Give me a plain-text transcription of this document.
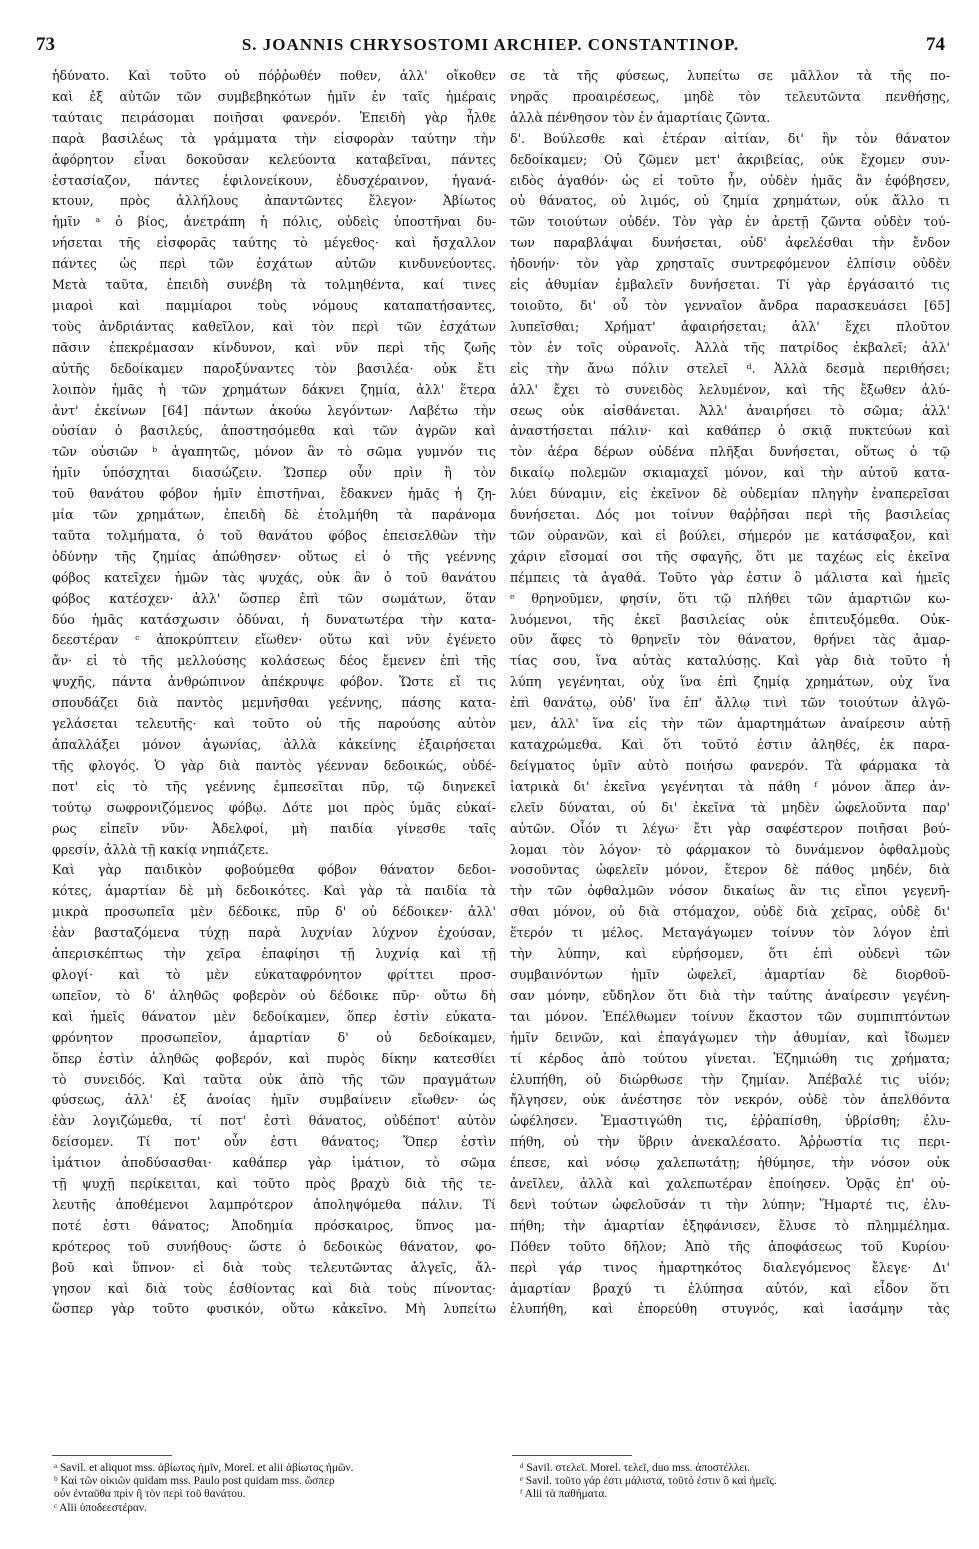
73	S. JOANNIS CHRYSOSTOMI ARCHIEP. CONSTANTINOP.	74
ἡδύνατο. Καὶ τοῦτο οὐ πόῤῥωθέν ποθεν, ἀλλ' οἴκοθεν
καὶ ἐξ αὐτῶν τῶν συμβεβηκότων ἡμῖν ἐν ταῖς ἡμέραις
ταύταις πειράσομαι ποιῆσαι φανερόν. Ἐπειδὴ γὰρ ἦλθε
παρὰ βασιλέως τὰ γράμματα τὴν εἰσφορὰν ταύτην τὴν
ἀφόρητον εἶναι δοκοῦσαν κελεύοντα καταβεῖναι, πάντες
ἐστασίαζον, πάντες ἐφιλονείκουν, ἐδυσχέραινον, ἠγανά-
κτουν, πρὸς ἀλλήλους ἀπαντῶντες ἔλεγον· Ἀβίωτος
ἡμῖν ᵃ ὁ βίος, ἀνετράπη ἡ πόλις, οὐδεὶς ὑποστῆναι δυ-
νήσεται τῆς εἰσφορᾶς ταύτης τὸ μέγεθος· καὶ ἤσχαλλον
πάντες ὡς περὶ τῶν ἐσχάτων αὐτῶν κινδυνεύοντες.
Μετὰ ταῦτα, ἐπειδὴ συνέβη τὰ τολμηθέντα, καί τινες
μιαροὶ καὶ παμμίαροι τοὺς νόμους καταπατήσαντες,
τοὺς ἀνδριάντας καθεῖλον, καὶ τὸν περὶ τῶν ἐσχάτων
πᾶσιν ἐπεκρέμασαν κίνδυνον, καὶ νῦν περὶ τῆς ζωῆς
αὐτῆς δεδοίκαμεν παροξύναντες τὸν βασιλέα· οὐκ ἔτι
λοιπὸν ἡμᾶς ἡ τῶν χρημάτων δάκνει ζημία, ἀλλ' ἕτερα
ἀντ' ἐκείνων [64] πάντων ἀκούω λεγόντων· Λαβέτω τὴν
οὐσίαν ὁ βασιλεύς, ἀποστησόμεθα καὶ τῶν ἀγρῶν καὶ
τῶν οὐσιῶν ᵇ ἀγαπητῶς, μόνον ἂν τὸ σῶμα γυμνόν τις
ἡμῖν ὑπόσχηται διασώζειν. Ὥσπερ οὖν πρὶν ἢ τὸν
τοῦ θανάτου φόβον ἡμῖν ἐπιστῆναι, ἔδακνεν ἡμᾶς ἡ ζη-
μία τῶν χρημάτων, ἐπειδὴ δὲ ἐτολμήθη τὰ παράνομα
ταῦτα τολμήματα, ὁ τοῦ θανάτου φόβος ἐπεισελθὼν τὴν
ὀδύνην τῆς ζημίας ἀπώθησεν· οὕτως εἰ ὁ τῆς γεέννης
φόβος κατεῖχεν ἡμῶν τὰς ψυχάς, οὐκ ἂν ὁ τοῦ θανάτου
φόβος κατέσχεν· ἀλλ' ὥσπερ ἐπὶ τῶν σωμάτων, ὅταν
δύο ἡμᾶς κατάσχωσιν ὀδύναι, ἡ δυνατωτέρα τὴν κατα-
δεεστέραν ᶜ ἀποκρύπτειν εἴωθεν· οὕτω καὶ νῦν ἐγένετο
ἄν· εἰ τὸ τῆς μελλούσης κολάσεως δέος ἔμενεν ἐπὶ τῆς
ψυχῆς, πάντα ἀνθρώπινον ἀπέκρυψε φόβον. Ὥστε εἴ τις
σπουδάζει διὰ παντὸς μεμνῆσθαι γεέννης, πάσης κατα-
γελάσεται τελευτῆς· καὶ τοῦτο οὐ τῆς παρούσης αὐτὸν
ἀπαλλάξει μόνον ἀγωνίας, ἀλλὰ κἀκείνης ἐξαιρήσεται
τῆς φλογός. Ὁ γὰρ διὰ παντὸς γέενναν δεδοικώς, οὐδέ-
ποτ' εἰς τὸ τῆς γεέννης ἐμπεσεῖται πῦρ, τῷ διηνεκεῖ
τούτῳ σωφρονιζόμενος φόβῳ. Δότε μοι πρὸς ὑμᾶς εὐκαί-
ρως εἰπεῖν νῦν· Ἀδελφοί, μὴ παιδία γίνεσθε ταῖς
φρεσίν, ἀλλὰ τῇ κακίᾳ νηπιάζετε.
Καὶ γὰρ παιδικὸν φοβούμεθα φόβον θάνατον δεδοι-
κότες, ἁμαρτίαν δὲ μὴ δεδοικότες. Καὶ γὰρ τὰ παιδία τὰ
μικρὰ προσωπεῖα μὲν δέδοικε, πῦρ δ' οὐ δέδοικεν· ἀλλ'
ἐὰν βασταζόμενα τύχῃ παρὰ λυχνίαν λύχνον ἐχούσαν,
ἀπερισκέπτως τὴν χεῖρα ἐπαφίησι τῇ λυχνίᾳ καὶ τῇ
φλογί· καὶ τὸ μὲν εὐκαταφρόνητον φρίττει προσ-
ωπεῖον, τὸ δ' ἀληθῶς φοβερὸν οὐ δέδοικε πῦρ· οὕτω δὴ
καὶ ἡμεῖς θάνατον μὲν δεδοίκαμεν, ὅπερ ἐστὶν εὐκατα-
φρόνητον προσωπεῖον, ἁμαρτίαν δ' οὐ δεδοίκαμεν,
ὅπερ ἐστὶν ἀληθῶς φοβερόν, καὶ πυρὸς δίκην κατεσθίει
τὸ συνειδός. Καὶ ταῦτα οὐκ ἀπὸ τῆς τῶν πραγμάτων
φύσεως, ἀλλ' ἐξ ἀνοίας ἡμῖν συμβαίνειν εἴωθεν· ὡς
ἐὰν λογιζώμεθα, τί ποτ' ἐστὶ θάνατος, οὐδέποτ' αὐτὸν
δείσομεν. Τί ποτ' οὖν ἐστι θάνατος; Ὅπερ ἐστὶν
ἱμάτιον ἀποδύσασθαι· καθάπερ γὰρ ἱμάτιον, τὸ σῶμα
τῇ ψυχῇ περίκειται, καὶ τοῦτο πρὸς βραχὺ διὰ τῆς τε-
λευτῆς ἀποθέμενοι λαμπρότερον ἀποληψόμεθα πάλιν. Τί
ποτέ ἐστι θάνατος; Ἀποδημία πρόσκαιρος, ὕπνος μα-
κρότερος τοῦ συνήθους· ὥστε ὁ δεδοικὼς θάνατον, φο-
βοῦ καὶ ὕπνον· εἰ διὰ τοὺς τελευτῶντας ἀλγεῖς, ἄλ-
γησον καὶ διὰ τοὺς ἐσθίοντας καὶ διὰ τοὺς πίνοντας·
ὥσπερ γὰρ τοῦτο φυσικόν, οὕτω κἀκεῖνο. Μὴ λυπείτω
σε τὰ τῆς φύσεως, λυπείτω σε μᾶλλον τὰ τῆς πο-
νηρᾶς προαιρέσεως, μηδὲ τὸν τελευτῶντα πενθήσῃς,
ἀλλὰ πένθησον τὸν ἐν ἁμαρτίαις ζῶντα.
δ'. Βούλεσθε καὶ ἑτέραν αἰτίαν, δι' ἣν τὸν θάνατον
δεδοίκαμεν; Οὐ ζῶμεν μετ' ἀκριβείας, οὐκ ἔχομεν συν-
ειδὸς ἀγαθόν· ὡς εἰ τοῦτο ἦν, οὐδὲν ἡμᾶς ἂν ἐφόβησεν,
οὐ θάνατος, οὐ λιμός, οὐ ζημία χρημάτων, οὐκ ἄλλο τι
τῶν τοιούτων οὐδέν. Τὸν γὰρ ἐν ἀρετῇ ζῶντα οὐδὲν τού-
των παραβλάψαι δυνήσεται, οὐδ' ἀφελέσθαι τὴν ἔνδον
ἡδονήν· τὸν γὰρ χρησταῖς συντρεφόμενον ἐλπίσιν οὐδὲν
εἰς ἀθυμίαν ἐμβαλεῖν δυνήσεται. Τί γὰρ ἐργάσαιτό τις
τοιοῦτο, δι' οὗ τὸν γενναῖον ἄνδρα παρασκευάσει [65]
λυπεῖσθαι; Χρήματ' ἀφαιρήσεται; ἀλλ' ἔχει πλοῦτον
τὸν ἐν τοῖς οὐρανοῖς. Ἀλλὰ τῆς πατρίδος ἐκβαλεῖ; ἀλλ'
εἰς τὴν ἄνω πόλιν στελεῖ ᵈ. Ἀλλὰ δεσμὰ περιθήσει;
ἀλλ' ἔχει τὸ συνειδὸς λελυμένον, καὶ τῆς ἔξωθεν ἁλύ-
σεως οὐκ αἰσθάνεται. Ἀλλ' ἀναιρήσει τὸ σῶμα; ἀλλ'
ἀναστήσεται πάλιν· καὶ καθάπερ ὁ σκιᾷ πυκτεύων καὶ
τὸν ἀέρα δέρων οὐδένα πλῆξαι δυνήσεται, οὕτως ὁ τῷ
δικαίῳ πολεμῶν σκιαμαχεῖ μόνον, καὶ τὴν αὐτοῦ κατα-
λύει δύναμιν, εἰς ἐκεῖνον δὲ οὐδεμίαν πληγὴν ἐναπερεῖσαι
δυνήσεται. Δός μοι τοίνυν θαῤῥῆσαι περὶ τῆς βασιλείας
τῶν οὐρανῶν, καὶ εἰ βούλει, σήμερόν με κατάσφαξον, καὶ
χάριν εἴσομαί σοι τῆς σφαγῆς, ὅτι με ταχέως εἰς ἐκεῖνα
πέμπεις τὰ ἀγαθά. Τοῦτο γὰρ ἐστιν ὃ μάλιστα καὶ ἡμεῖς
ᵉ θρηνοῦμεν, φησίν, ὅτι τῷ πλήθει τῶν ἁμαρτιῶν κω-
λυόμενοι, τῆς ἐκεῖ βασιλείας οὐκ ἐπιτευξόμεθα. Οὐκ-
οῦν ἄφες τὸ θρηνεῖν τὸν θάνατον, θρήνει τὰς ἁμαρ-
τίας σου, ἵνα αὐτὰς καταλύσῃς. Καὶ γὰρ διὰ τοῦτο ἡ
λύπη γεγένηται, οὐχ ἵνα ἐπὶ ζημίᾳ χρημάτων, οὐχ ἵνα
ἐπὶ θανάτῳ, οὐδ' ἵνα ἐπ' ἄλλῳ τινὶ τῶν τοιούτων ἀλγῶ-
μεν, ἀλλ' ἵνα εἰς τὴν τῶν ἁμαρτημάτων ἀναίρεσιν αὐτῇ
καταχρώμεθα. Καὶ ὅτι τοῦτό ἐστιν ἀληθές, ἐκ παρα-
δείγματος ὑμῖν αὐτὸ ποιήσω φανερόν. Τὰ φάρμακα τὰ
ἰατρικὰ δι' ἐκεῖνα γεγένηται τὰ πάθη ᶠ μόνον ἅπερ ἀν-
ελεῖν δύναται, οὐ δι' ἐκεῖνα τὰ μηδὲν ὠφελοῦντα παρ'
αὐτῶν. Οἷόν τι λέγω· ἔτι γὰρ σαφέστερον ποιῆσαι βού-
λομαι τὸν λόγον· τὸ φάρμακον τὸ δυνάμενον ὀφθαλμοὺς
νοσοῦντας ὠφελεῖν μόνον, ἕτερον δὲ πάθος μηδέν, διὰ
τὴν τῶν ὀφθαλμῶν νόσον δικαίως ἂν τις εἴποι γεγενῆ-
σθαι μόνον, οὐ διὰ στόμαχον, οὐδὲ διὰ χεῖρας, οὐδὲ δι'
ἕτερόν τι μέλος. Μεταγάγωμεν τοίνυν τὸν λόγον ἐπὶ
τὴν λύπην, καὶ εὑρήσομεν, ὅτι ἐπὶ οὐδενὶ τῶν
συμβαινόντων ἡμῖν ὠφελεῖ, ἁμαρτίαν δὲ διορθοῦ-
σαν μόνην, εὔδηλον ὅτι διὰ τὴν ταύτης ἀναίρεσιν γεγένη-
ται μόνον. Ἐπέλθωμεν τοίνυν ἕκαστον τῶν συμπιπτόντων
ἡμῖν δεινῶν, καὶ ἐπαγάγωμεν τὴν ἀθυμίαν, καὶ ἴδωμεν
τί κέρδος ἀπὸ τούτου γίνεται. Ἐζημιώθη τις χρήματα;
ἐλυπήθη, οὐ διώρθωσε τὴν ζημίαν. Ἀπέβαλέ τις υἱόν;
ἤλγησεν, οὐκ ἀνέστησε τὸν νεκρόν, οὐδὲ τὸν ἀπελθόντα
ὠφέλησεν. Ἐμαστιγώθη τις, ἐῤῥαπίσθη, ὑβρίσθη; ἐλυ-
πήθη, οὐ τὴν ὕβριν ἀνεκαλέσατο. Ἀῤῥωστία τις περι-
έπεσε, καὶ νόσῳ χαλεπωτάτῃ; ἠθύμησε, τὴν νόσον οὐκ
ἀνεῖλεν, ἀλλὰ καὶ χαλεπωτέραν ἐποίησεν. Ὁρᾷς ἐπ' οὐ-
δενὶ τούτων ὠφελοῦσάν τι τὴν λύπην; Ἥμαρτέ τις, ἐλυ-
πήθη; τὴν ἁμαρτίαν ἐξηφάνισεν, ἔλυσε τὸ πλημμέλημα.
Πόθεν τοῦτο δῆλον; Ἀπὸ τῆς ἀποφάσεως τοῦ Κυρίου·
περὶ γάρ τινος ἡμαρτηκότος διαλεγόμενος ἔλεγε· Δι'
ἁμαρτίαν βραχύ τι ἐλύπησα αὐτόν, καὶ εἶδον ὅτι
ἐλυπήθη, καὶ ἐπορεύθη στυγνός, καὶ ἰασάμην τὰς
ᵃ Savil. et aliquot mss. ἀβίωτος ἡμῖν, Morel. et alii ἀβίωτος ἡμῶν.
ᵇ Καὶ τῶν οἰκιῶν quidam mss. Paulo post quidam mss. ὥσπερ
οὖν ἐνταῦθα πρὶν ἢ τὸν περὶ τοῦ θανάτου.
ᶜ Alii ὑποδεεστέραν.
ᵈ Savil. στελεῖ. Morel. τελεῖ, duo mss. ἀποστέλλει.
ᵉ Savil. τοῦτο γάρ ἐστι μάλιστα, τοῦτό ἐστιν ὃ καὶ ἡμεῖς.
ᶠ Alii τὰ παθήματα.
